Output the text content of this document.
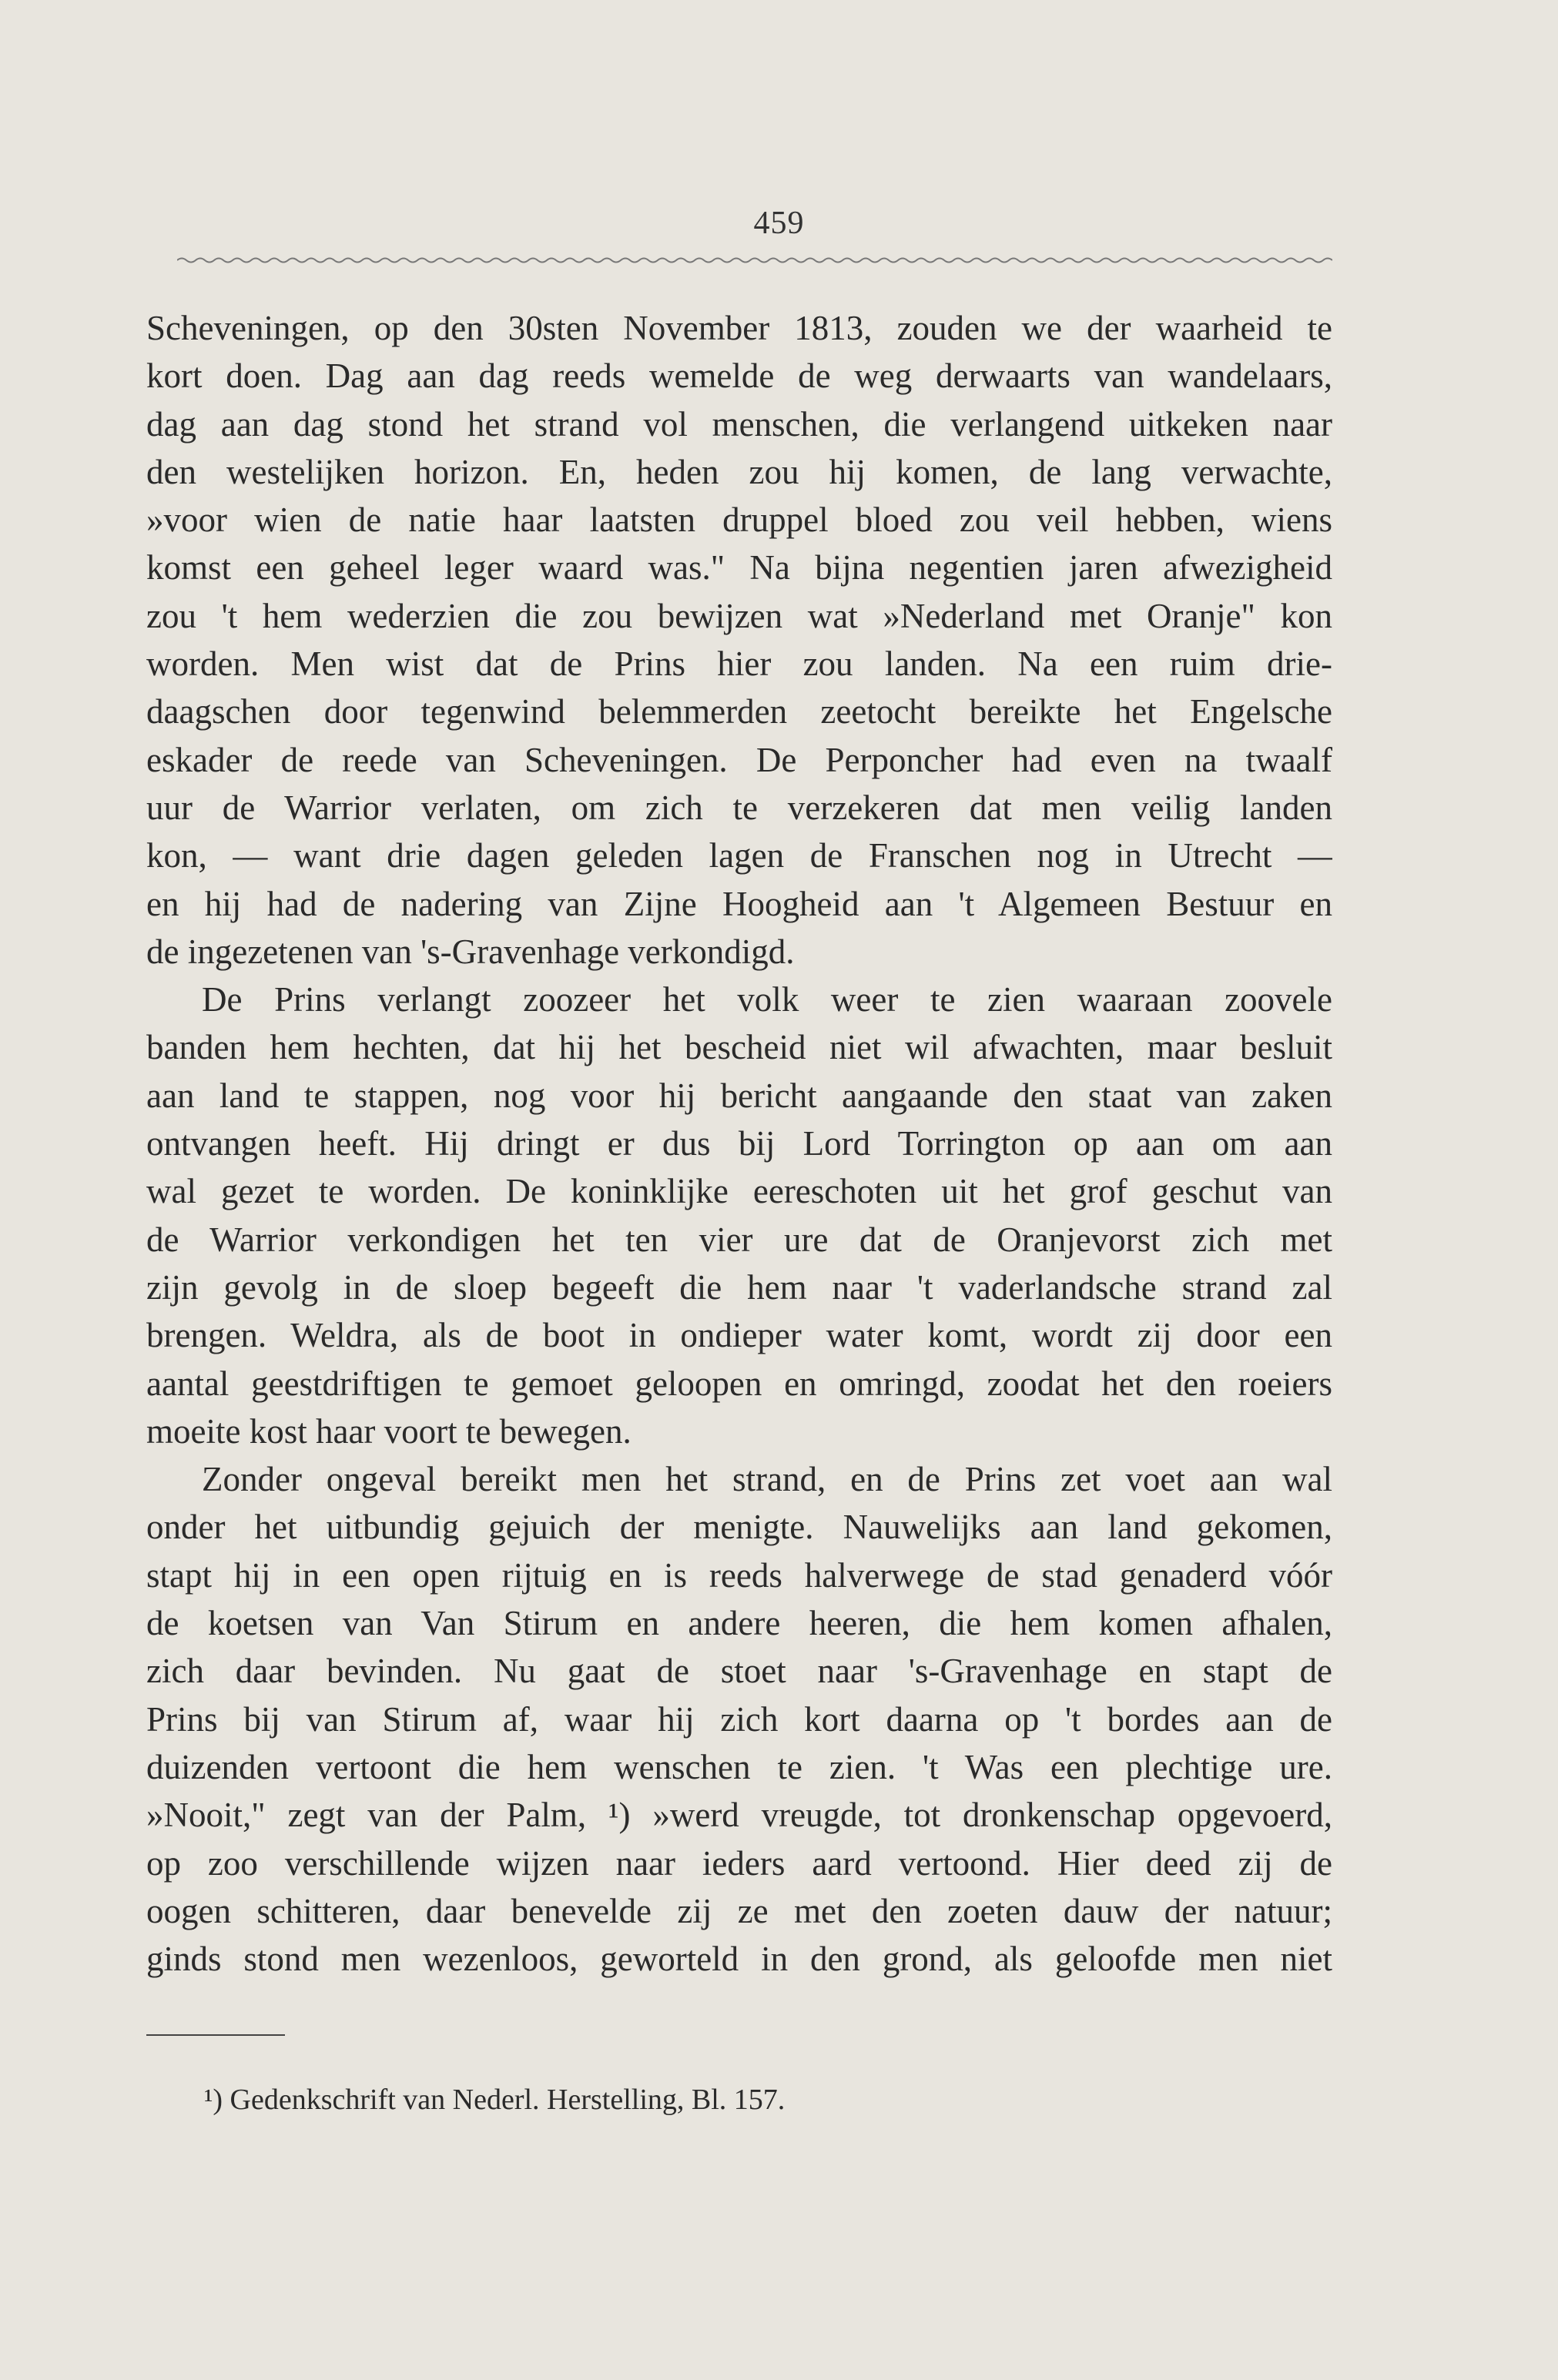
459
Scheveningen, op den 30sten November 1813, zouden we der waarheid te
kort doen. Dag aan dag reeds wemelde de weg derwaarts van wandelaars,
dag aan dag stond het strand vol menschen, die verlangend uitkeken naar
den westelijken horizon. En, heden zou hij komen, de lang verwachte,
»voor wien de natie haar laatsten druppel bloed zou veil hebben, wiens
komst een geheel leger waard was." Na bijna negentien jaren afwezigheid
zou 't hem wederzien die zou bewijzen wat »Nederland met Oranje" kon
worden. Men wist dat de Prins hier zou landen. Na een ruim drie-
daagschen door tegenwind belemmerden zeetocht bereikte het Engelsche
eskader de reede van Scheveningen. De Perponcher had even na twaalf
uur de Warrior verlaten, om zich te verzekeren dat men veilig landen
kon, — want drie dagen geleden lagen de Franschen nog in Utrecht —
en hij had de nadering van Zijne Hoogheid aan 't Algemeen Bestuur en
de ingezetenen van 's-Gravenhage verkondigd.
De Prins verlangt zoozeer het volk weer te zien waaraan zoovele
banden hem hechten, dat hij het bescheid niet wil afwachten, maar besluit
aan land te stappen, nog voor hij bericht aangaande den staat van zaken
ontvangen heeft. Hij dringt er dus bij Lord Torrington op aan om aan
wal gezet te worden. De koninklijke eereschoten uit het grof geschut van
de Warrior verkondigen het ten vier ure dat de Oranjevorst zich met
zijn gevolg in de sloep begeeft die hem naar 't vaderlandsche strand zal
brengen. Weldra, als de boot in ondieper water komt, wordt zij door een
aantal geestdriftigen te gemoet geloopen en omringd, zoodat het den roeiers
moeite kost haar voort te bewegen.
Zonder ongeval bereikt men het strand, en de Prins zet voet aan wal
onder het uitbundig gejuich der menigte. Nauwelijks aan land gekomen,
stapt hij in een open rijtuig en is reeds halverwege de stad genaderd vóór
de koetsen van Van Stirum en andere heeren, die hem komen afhalen,
zich daar bevinden. Nu gaat de stoet naar 's-Gravenhage en stapt de
Prins bij van Stirum af, waar hij zich kort daarna op 't bordes aan de
duizenden vertoont die hem wenschen te zien. 't Was een plechtige ure.
»Nooit," zegt van der Palm, ¹) »werd vreugde, tot dronkenschap opgevoerd,
op zoo verschillende wijzen naar ieders aard vertoond. Hier deed zij de
oogen schitteren, daar benevelde zij ze met den zoeten dauw der natuur;
ginds stond men wezenloos, geworteld in den grond, als geloofde men niet
¹) Gedenkschrift van Nederl. Herstelling, Bl. 157.
